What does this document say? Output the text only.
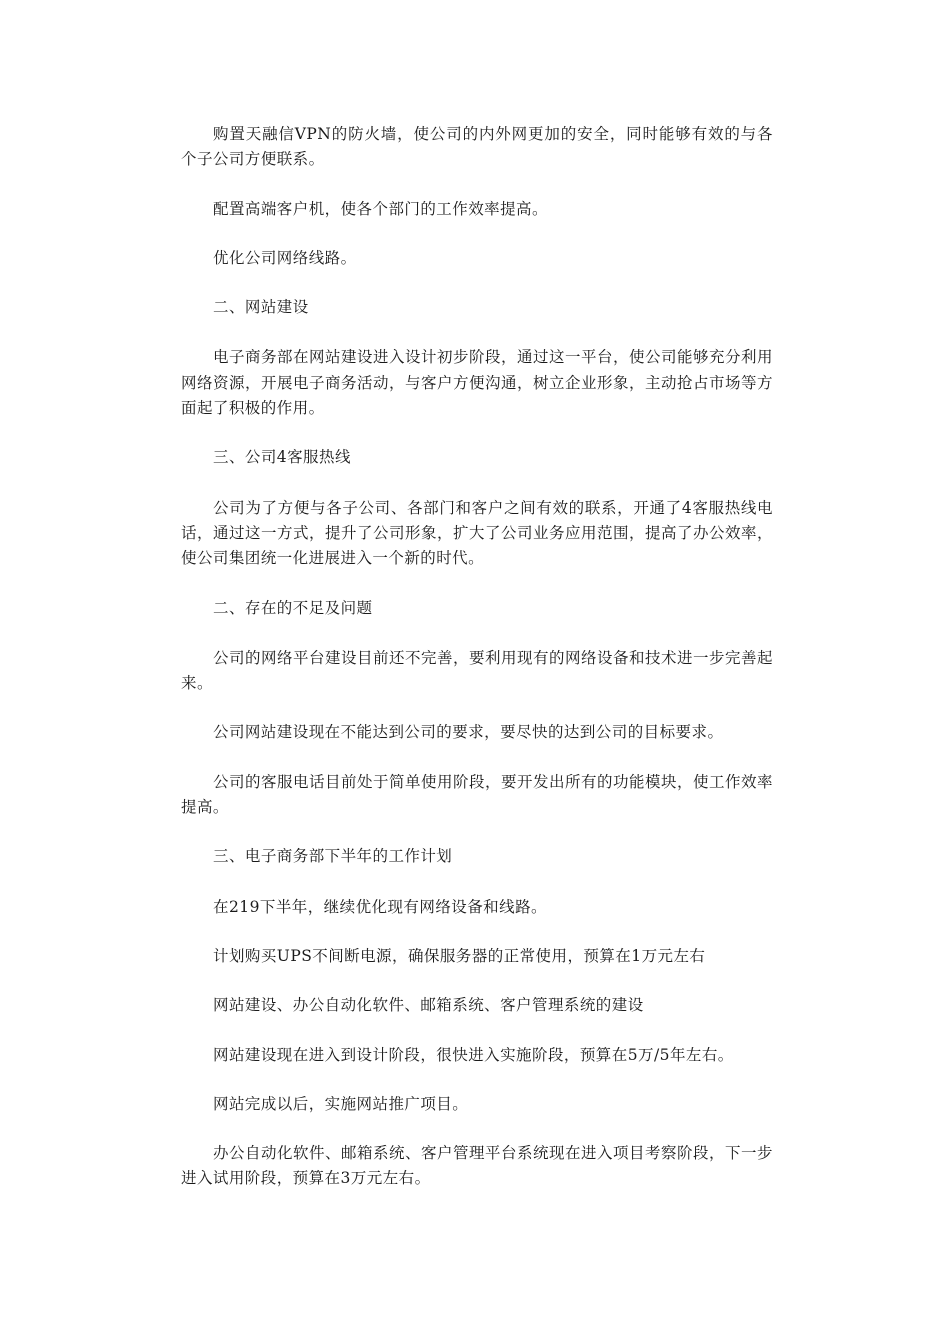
购置天融信VPN的防火墙，使公司的内外网更加的安全，同时能够有效的与各个子公司方便联系。

配置高端客户机，使各个部门的工作效率提高。

优化公司网络线路。

二、网站建设

电子商务部在网站建设进入设计初步阶段，通过这一平台，使公司能够充分利用网络资源，开展电子商务活动，与客户方便沟通，树立企业形象，主动抢占市场等方面起了积极的作用。

三、公司4客服热线

公司为了方便与各子公司、各部门和客户之间有效的联系，开通了4客服热线电话，通过这一方式，提升了公司形象，扩大了公司业务应用范围，提高了办公效率，使公司集团统一化进展进入一个新的时代。

二、存在的不足及问题

公司的网络平台建设目前还不完善，要利用现有的网络设备和技术进一步完善起来。

公司网站建设现在不能达到公司的要求，要尽快的达到公司的目标要求。

公司的客服电话目前处于简单使用阶段，要开发出所有的功能模块，使工作效率提高。

三、电子商务部下半年的工作计划

在219下半年，继续优化现有网络设备和线路。

计划购买UPS不间断电源，确保服务器的正常使用，预算在1万元左右

网站建设、办公自动化软件、邮箱系统、客户管理系统的建设

网站建设现在进入到设计阶段，很快进入实施阶段，预算在5万/5年左右。

网站完成以后，实施网站推广项目。

办公自动化软件、邮箱系统、客户管理平台系统现在进入项目考察阶段，下一步进入试用阶段，预算在3万元左右。
